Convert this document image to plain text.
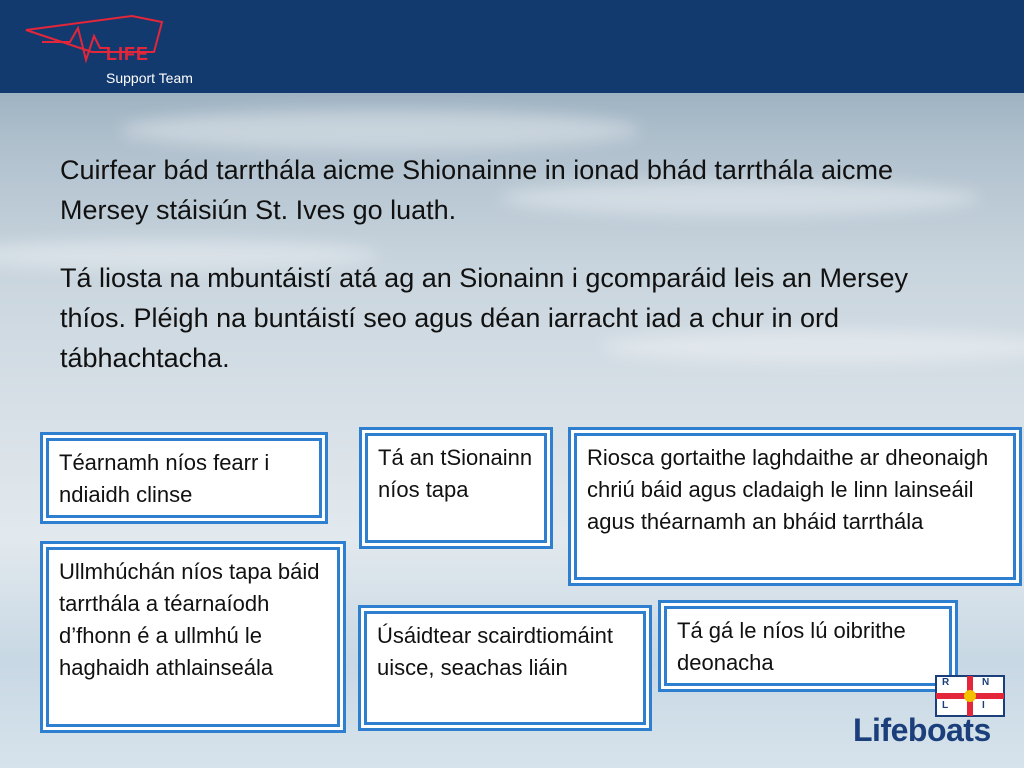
LIFE
Support Team

Cuirfear bád tarrthála aicme Shionainne in ionad bhád tarrthála aicme Mersey stáisiún St. Ives go luath.

Tá liosta na mbuntáistí atá ag an Sionainn i gcomparáid leis an Mersey thíos. Pléigh na buntáistí seo agus déan iarracht iad a chur in ord tábhachtacha.

Téarnamh níos fearr i ndiaidh clinse
Tá an tSionainn níos tapa
Riosca gortaithe laghdaithe ar dheonaigh chriú báid agus cladaigh le linn lainseáil agus théarnamh an bháid tarrthála
Ullmhúchán níos tapa báid tarrthála a téarnaíodh d’fhonn é a ullmhú le haghaidh athlainseála
Úsáidtear scairdtiomáint uisce, seachas liáin
Tá gá le níos lú oibrithe deonacha
R	N
L	I
Lifeboats
